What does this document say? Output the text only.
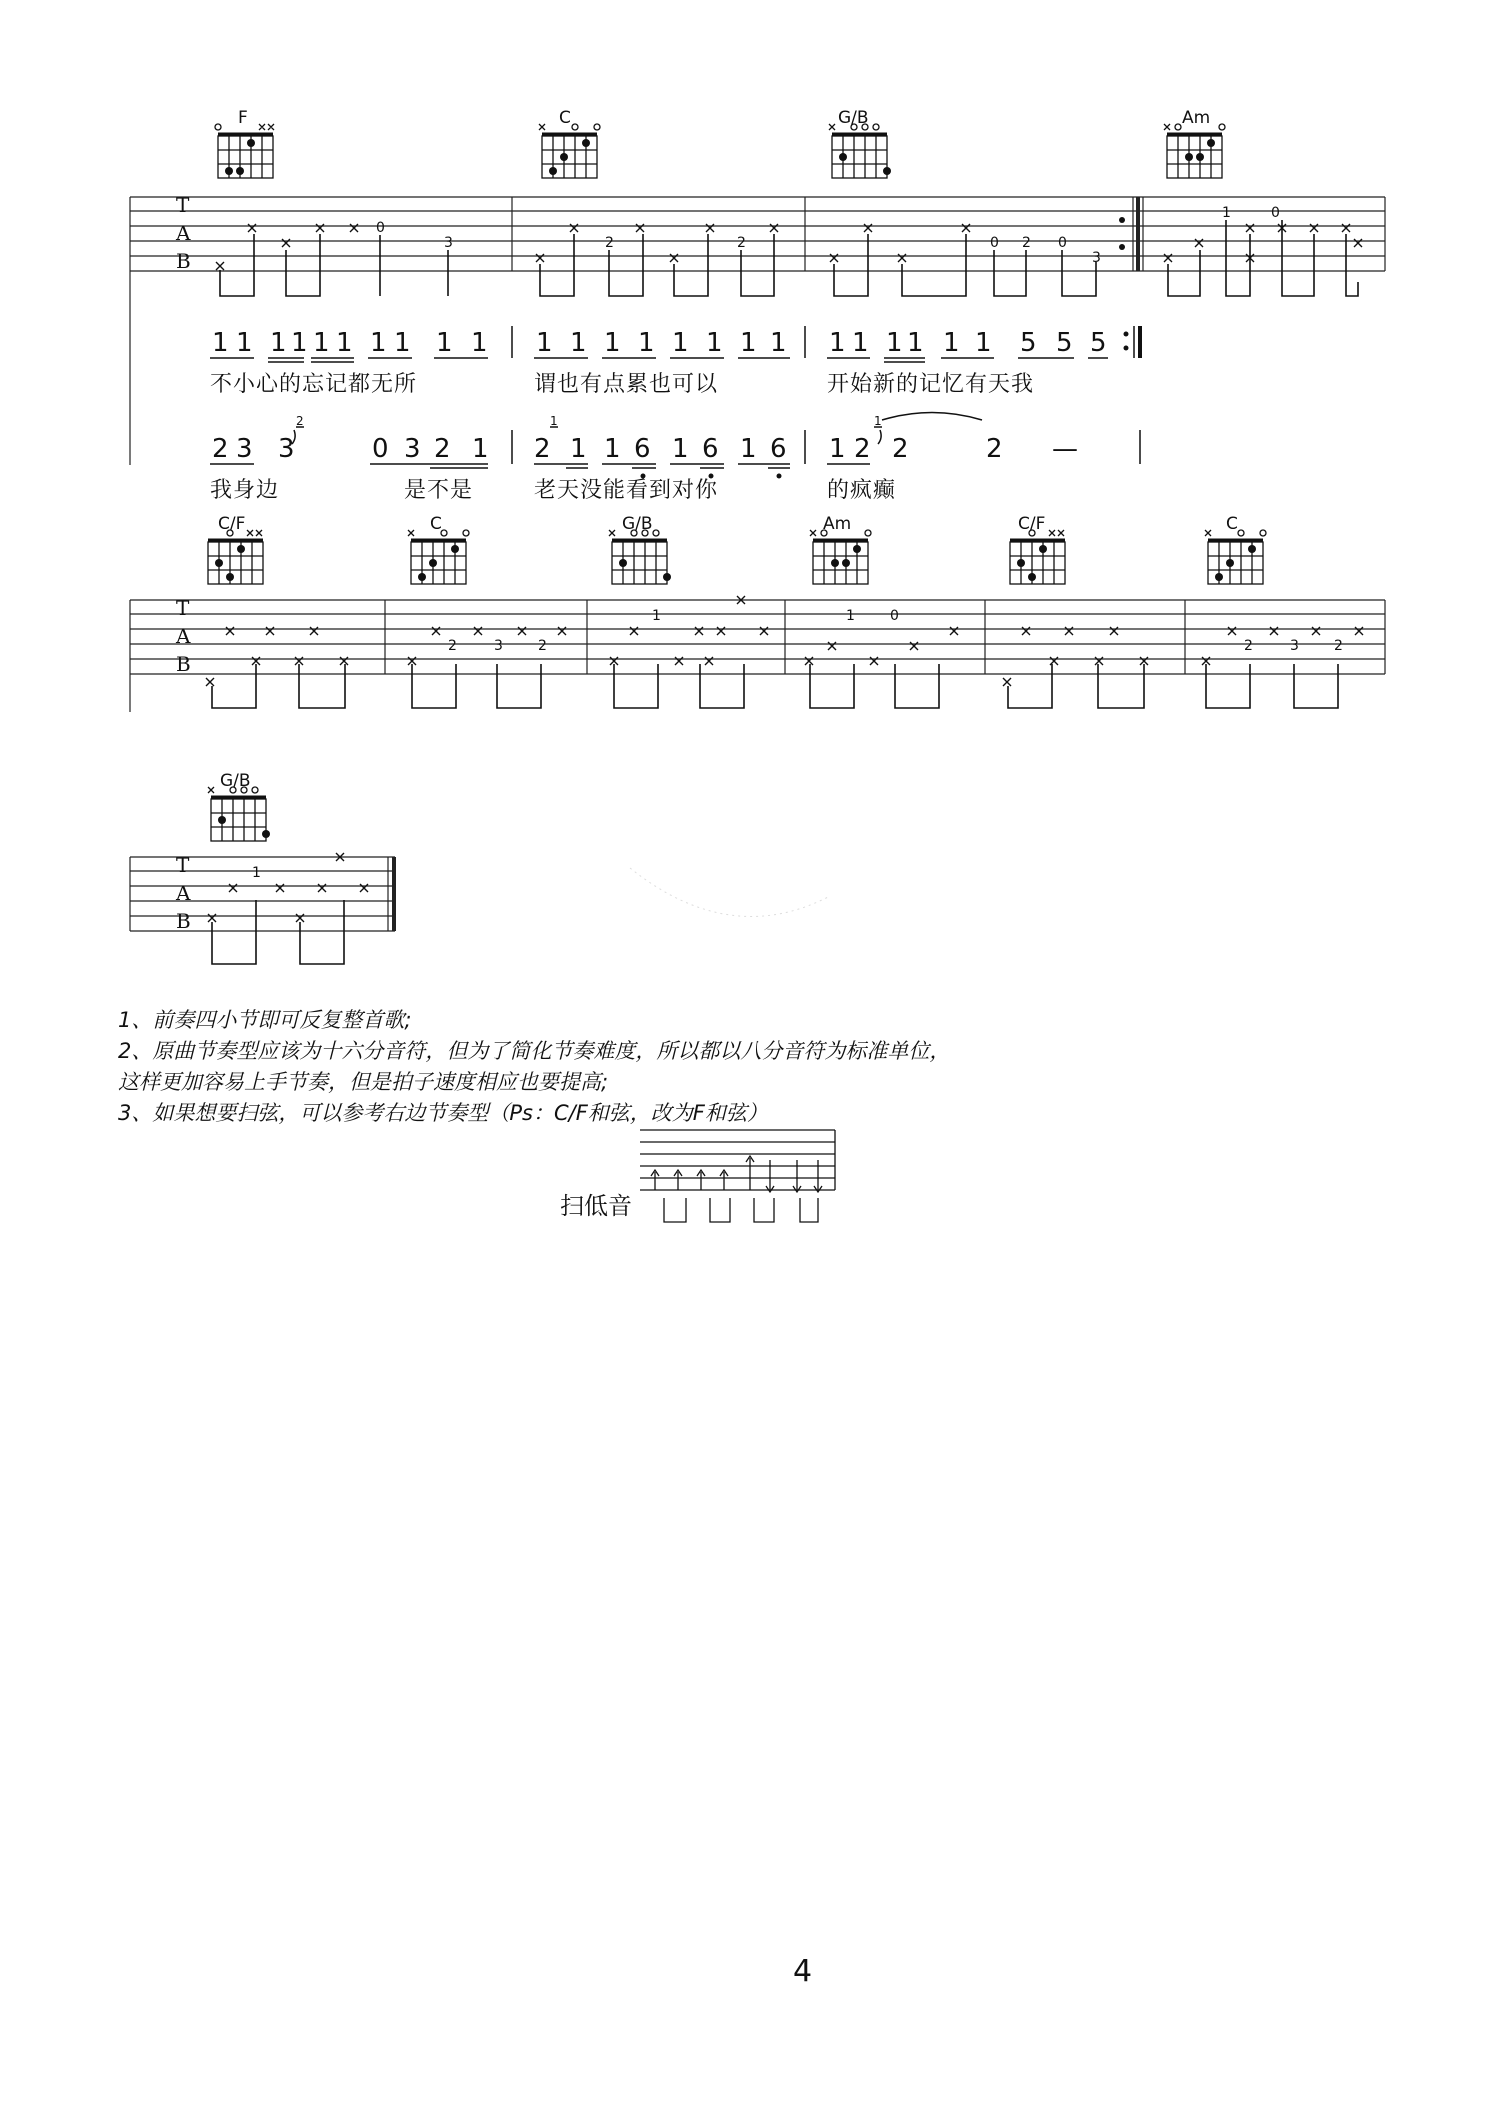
F	C	G/B	Am
T
A
B
0
3	2	2	0 2 0
3
1	0
1 1 1 1 1 1 1 1 1 1 1 1 1 1 1 1 1 1 1 1 1 1 1 1 5 5 5
不小心的忘记都无所	谓也有点累也可以	开始新的记忆有天我
2 3 3	0 3 2 1 2 1 1 6 1 6 1 6 1 2 2	2 —
2	1	1
我身边	是不是	老天没能看到对你	的疯癫
C/F	C	G/B	Am	C/F	C
T
A
B
2	3	2
1	1	0
2	3	2
G/B
T
A
B
1
1、前奏四小节即可反复整首歌;
2、原曲节奏型应该为十六分音符，但为了简化节奏难度，所以都以八分音符为标准单位，
这样更加容易上手节奏，但是拍子速度相应也要提高;
3、如果想要扫弦，可以参考右边节奏型（Ps：C/F和弦，改为F和弦）
扫低音
4
